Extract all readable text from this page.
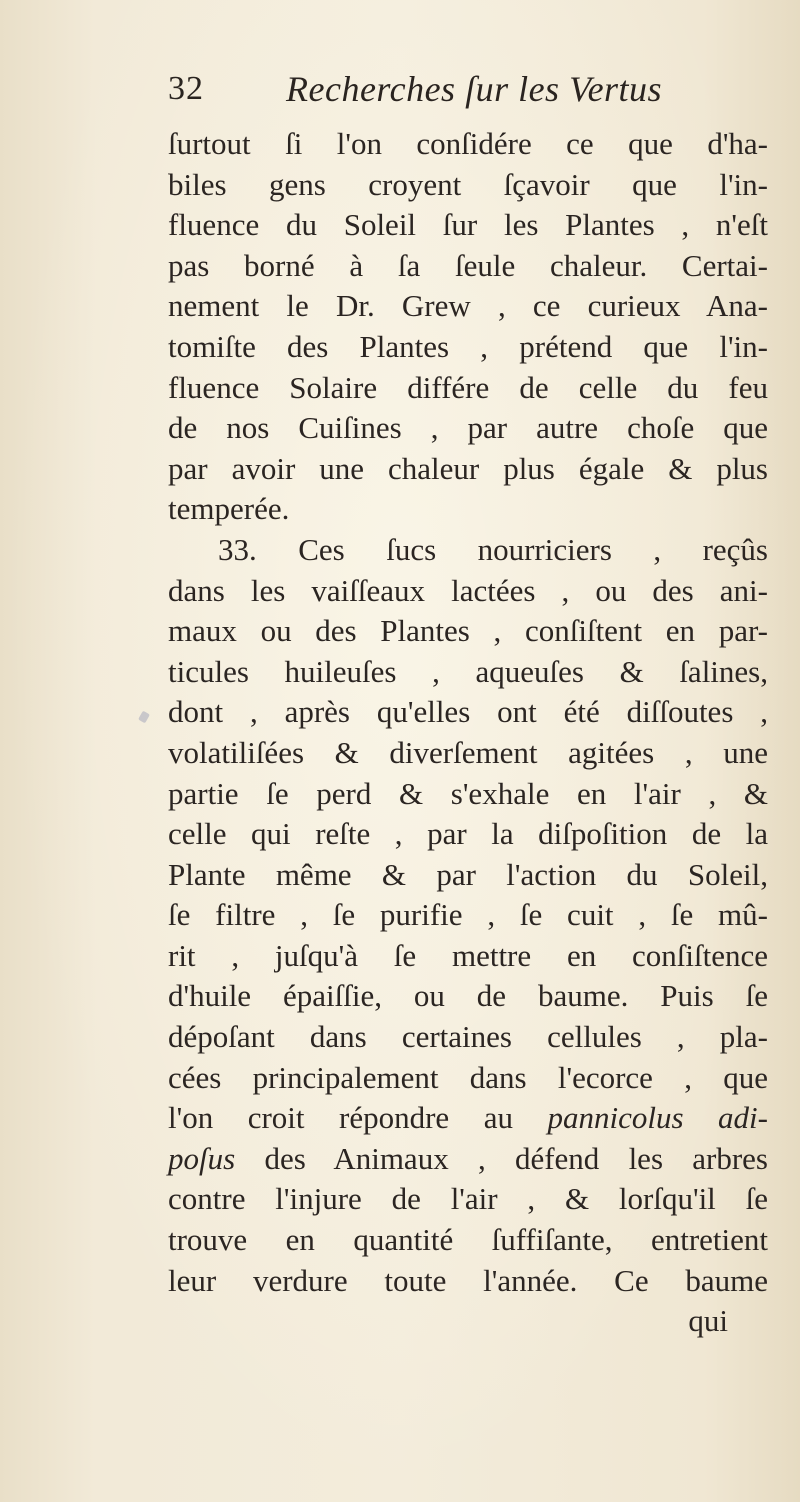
32 Recherches ſur les Vertus
ſurtout ſi l'on conſidére ce que d'ha-
biles gens croyent ſçavoir que l'in-
fluence du Soleil ſur les Plantes , n'eſt
pas borné à ſa ſeule chaleur. Certai-
nement le Dr. Grew , ce curieux Ana-
tomiſte des Plantes , prétend que l'in-
fluence Solaire différe de celle du feu
de nos Cuiſines , par autre choſe que
par avoir une chaleur plus égale & plus
temperée.
33. Ces ſucs nourriciers , reçûs
dans les vaiſſeaux lactées , ou des ani-
maux ou des Plantes , conſiſtent en par-
ticules huileuſes , aqueuſes & ſalines,
dont , après qu'elles ont été diſſoutes ,
volatiliſées & diverſement agitées , une
partie ſe perd & s'exhale en l'air , &
celle qui reſte , par la diſpoſition de la
Plante même & par l'action du Soleil,
ſe filtre , ſe purifie , ſe cuit , ſe mû-
rit , juſqu'à ſe mettre en conſiſtence
d'huile épaiſſie, ou de baume. Puis ſe
dépoſant dans certaines cellules , pla-
cées principalement dans l'ecorce , que
l'on croit répondre au pannicolus adi-
poſus des Animaux , défend les arbres
contre l'injure de l'air , & lorſqu'il ſe
trouve en quantité ſuffiſante, entretient
leur verdure toute l'année. Ce baume
qui
